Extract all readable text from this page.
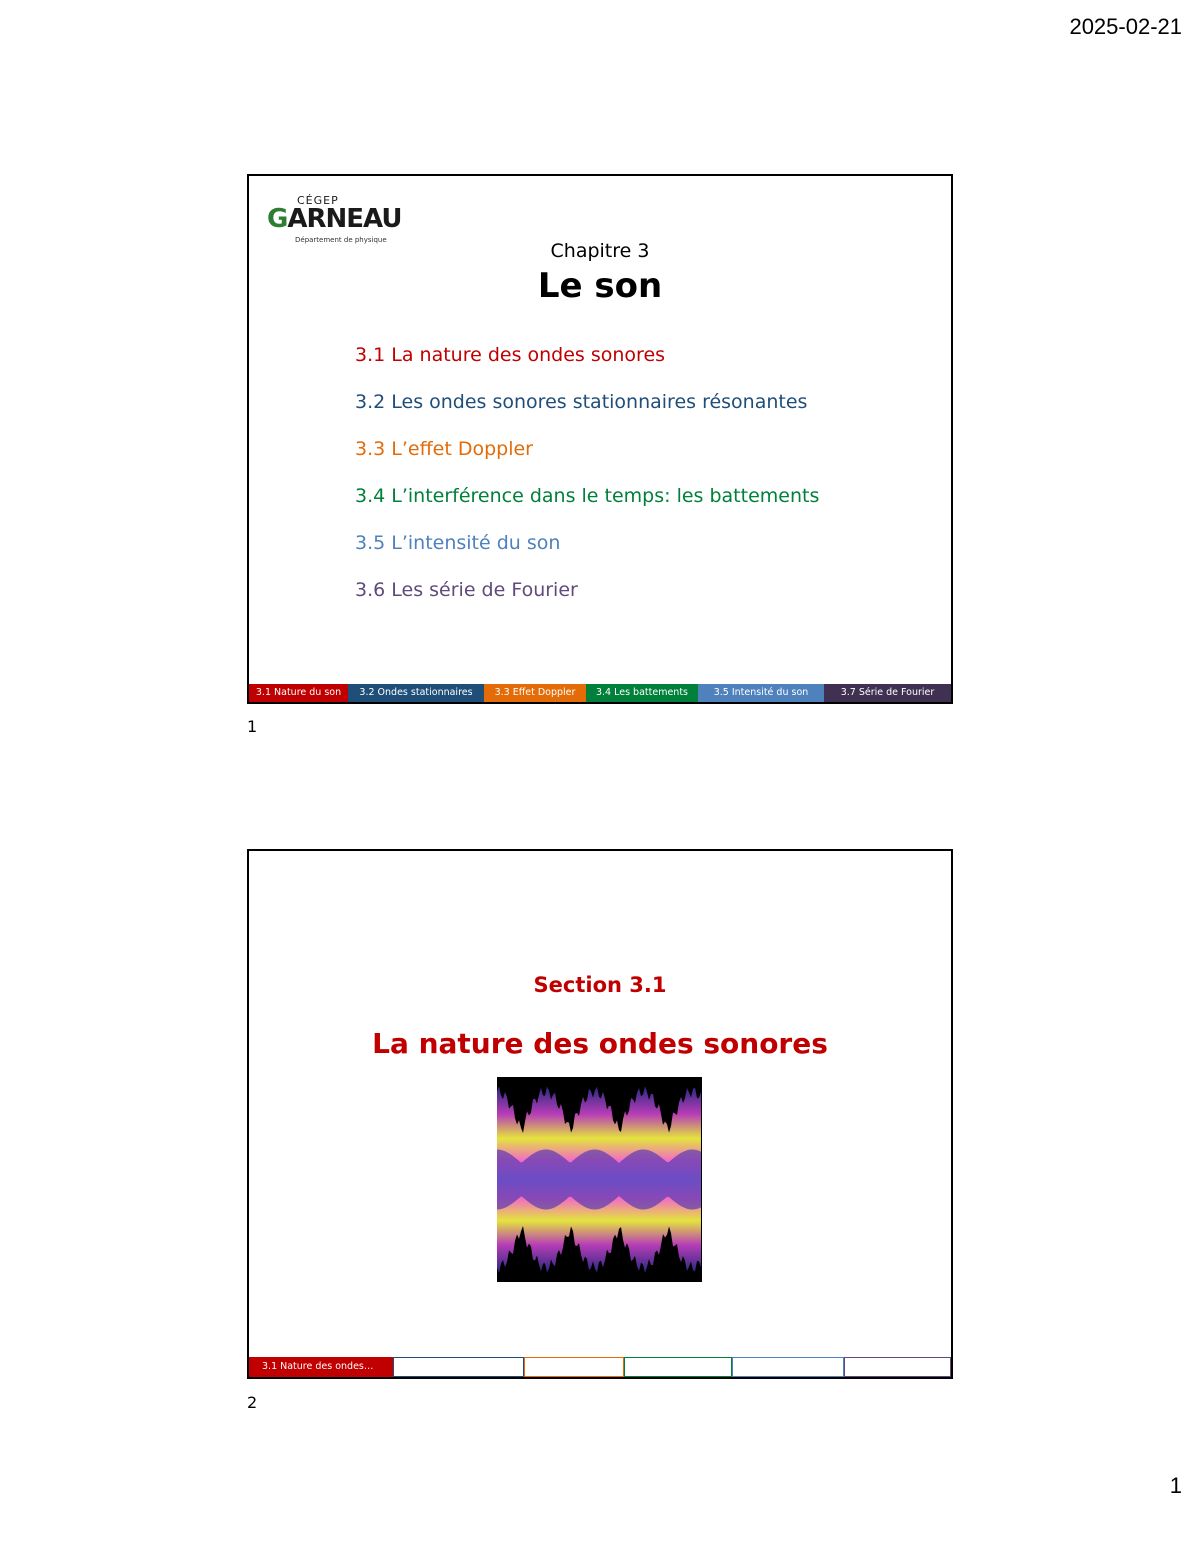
2025-02-21
CÉGEP
GARNEAU
Département de physique	Chapitre 3
Le son
3.1 La nature des ondes sonores
3.2 Les ondes sonores stationnaires résonantes
3.3 L’effet Doppler
3.4 L’interférence dans le temps: les battements
3.5 L’intensité du son
3.6 Les série de Fourier
3.1 Nature du son	3.2 Ondes stationnaires	3.3 Effet Doppler	3.4 Les battements	3.5 Intensité du son	3.7 Série de Fourier
1
Section 3.1
La nature des ondes sonores
3.1 Nature des ondes…
2
1
